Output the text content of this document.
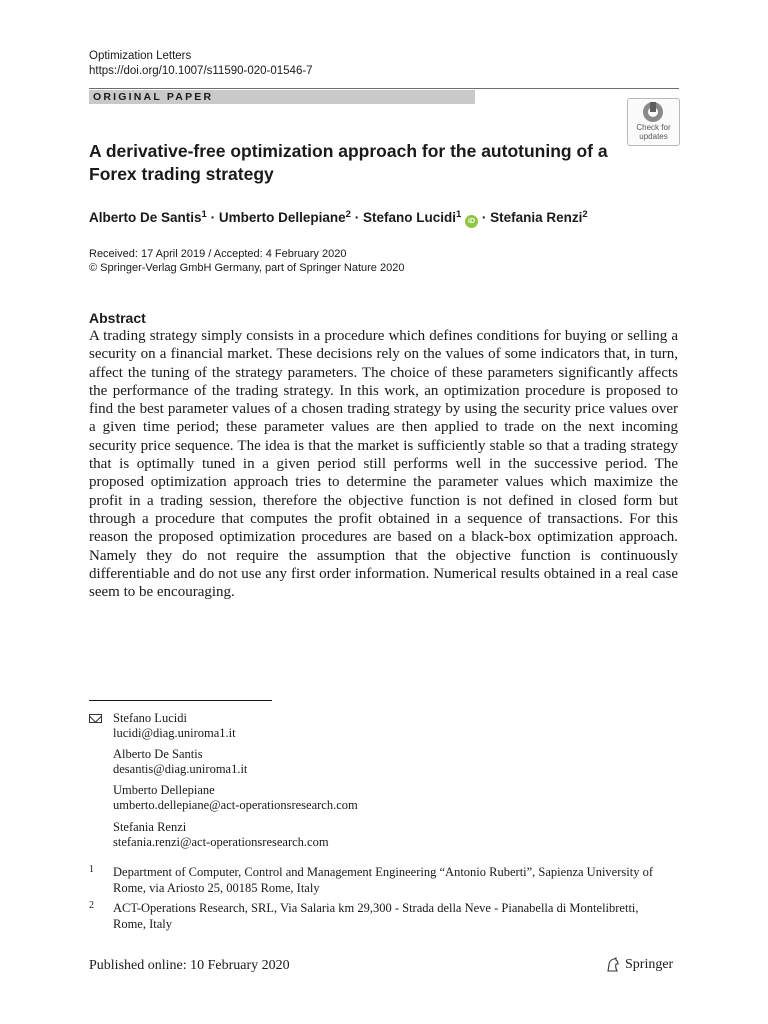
Optimization Letters
https://doi.org/10.1007/s11590-020-01546-7
ORIGINAL PAPER
Check for
updates
A derivative-free optimization approach for the autotuning of a Forex trading strategy
Alberto De Santis$^1$ · Umberto Dellepiane$^2$ · Stefano Lucidi$^1$ iD · Stefania Renzi$^2$
Received: 17 April 2019 / Accepted: 4 February 2020
© Springer-Verlag GmbH Germany, part of Springer Nature 2020
Abstract

A trading strategy simply consists in a procedure which defines conditions for buying or selling a security on a financial market. These decisions rely on the values of some indicators that, in turn, affect the tuning of the strategy parameters. The choice of these parameters significantly affects the performance of the trading strategy. In this work, an optimization procedure is proposed to find the best parameter values of a chosen trading strategy by using the security price values over a given time period; these parameter values are then applied to trade on the next incoming security price sequence. The idea is that the market is sufficiently stable so that a trading strategy that is optimally tuned in a given period still performs well in the successive period. The proposed optimization approach tries to determine the parameter values which maximize the profit in a trading session, therefore the objective function is not defined in closed form but through a procedure that computes the profit obtained in a sequence of transactions. For this reason the proposed optimization procedures are based on a black-box optimization approach. Namely they do not require the assumption that the objective function is continuously differentiable and do not use any first order information. Numerical results obtained in a real case seem to be encouraging.

Stefano Lucidi
lucidi@diag.uniroma1.it
Alberto De Santis
desantis@diag.uniroma1.it
Umberto Dellepiane
umberto.dellepiane@act-operationsresearch.com
Stefania Renzi
stefania.renzi@act-operationsresearch.com
1 Department of Computer, Control and Management Engineering “Antonio Ruberti”, Sapienza University of Rome, via Ariosto 25, 00185 Rome, Italy
2 ACT-Operations Research, SRL, Via Salaria km 29,300 - Strada della Neve - Pianabella di Montelibretti, Rome, Italy
Published online: 10 February 2020	Springer
